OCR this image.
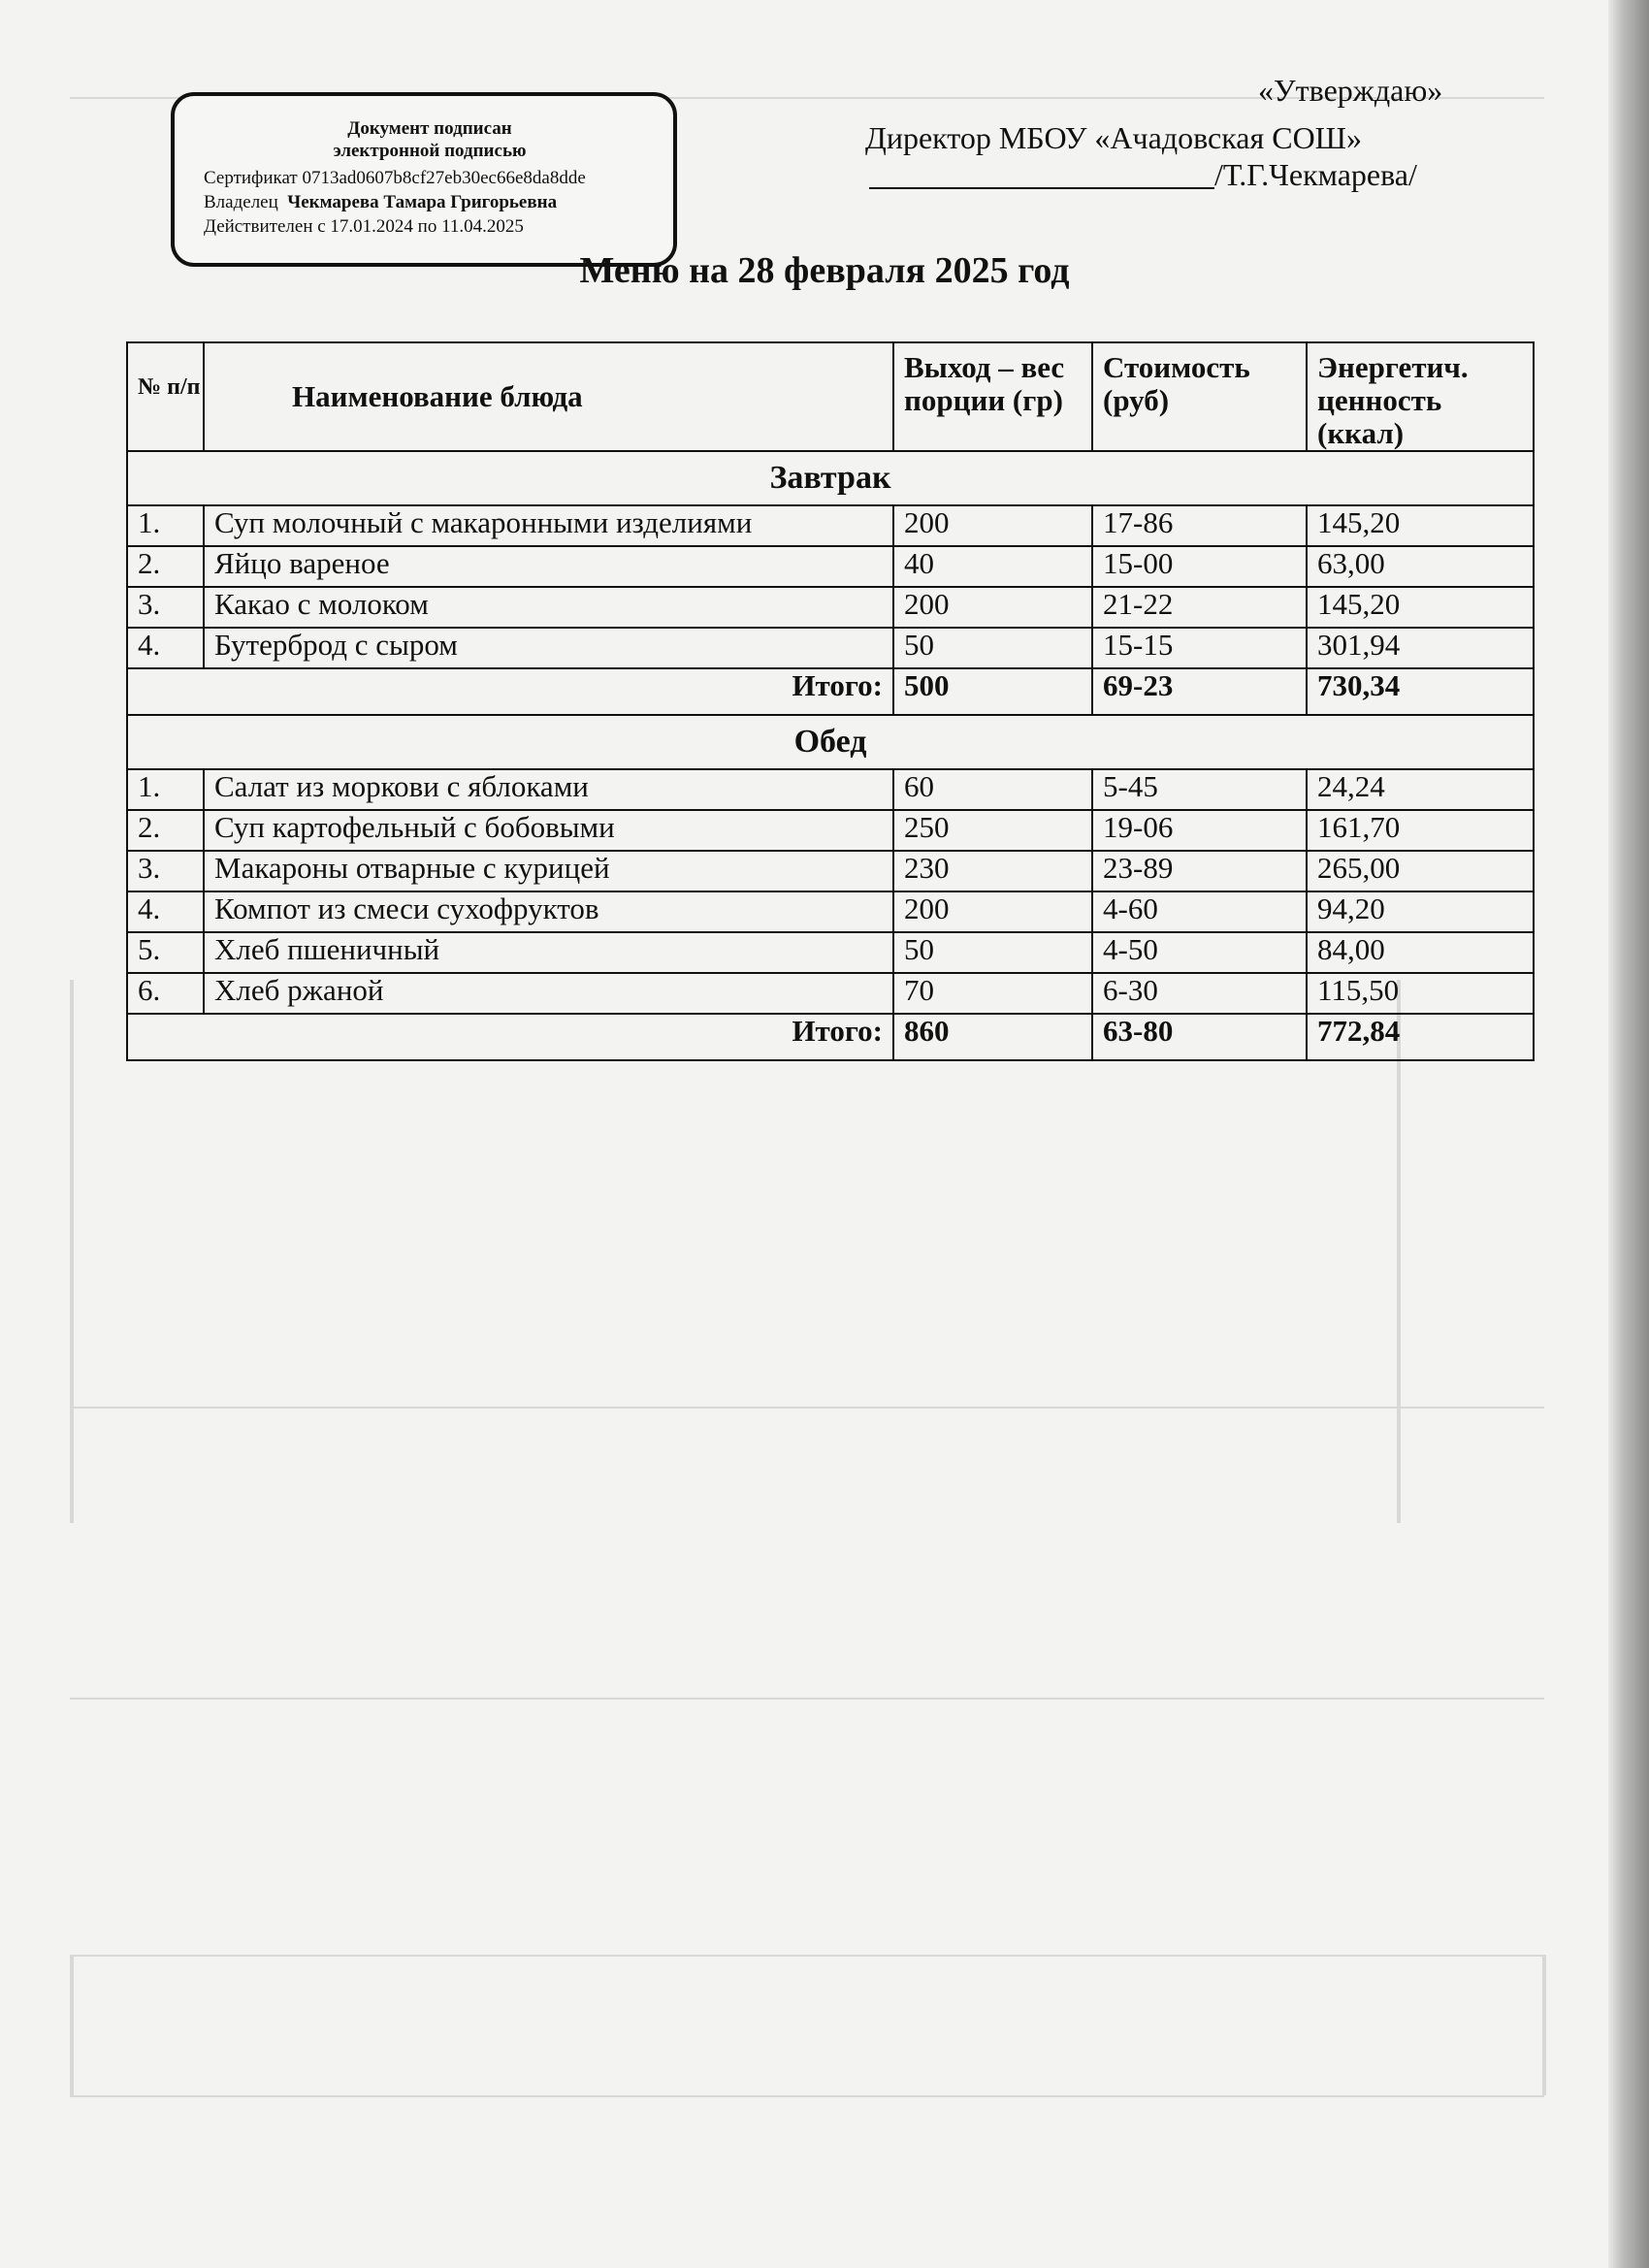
Документ подписан
электронной подписью
Сертификат 0713ad0607b8cf27eb30ec66e8da8dde
Владелец Чекмарева Тамара Григорьевна
Действителен с 17.01.2024 по 11.04.2025
«Утверждаю»
Директор МБОУ «Ачадовская СОШ»
/Т.Г.Чекмарева/
Меню на 28 февраля 2025 год
№ п/п	Наименование блюда	Выход – вес порции (гр)	Стоимость (руб)	Энергетич. ценность (ккал)
Завтрак				
1.	Суп молочный с макаронными изделиями	200	17-86	145,20
2.	Яйцо вареное	40	15-00	63,00
3.	Какао с молоком	200	21-22	145,20
4.	Бутерброд с сыром	50	15-15	301,94
	Итого:	500	69-23	730,34
Обед				
1.	Салат из моркови с яблоками	60	5-45	24,24
2.	Суп картофельный с бобовыми	250	19-06	161,70
3.	Макароны отварные с курицей	230	23-89	265,00
4.	Компот из смеси сухофруктов	200	4-60	94,20
5.	Хлеб пшеничный	50	4-50	84,00
6.	Хлеб ржаной	70	6-30	115,50
	Итого:	860	63-80	772,84
